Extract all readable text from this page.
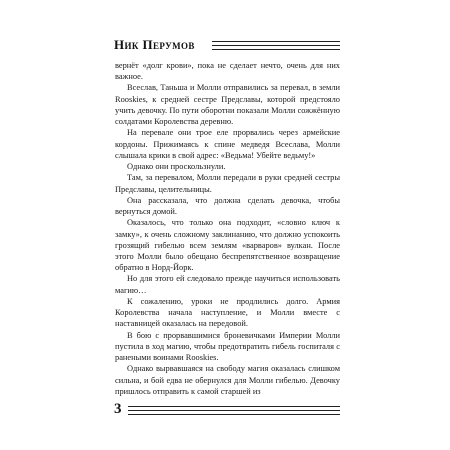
Ник Перумов

вернёт «долг крови», пока не сделает нечто, очень для них важное.

Всеслав, Таньша и Молли отправились за перевал, в земли Rooskies, к средней сестре Предславы, которой предстояло учить девочку. По пути оборотни показали Молли сожжённую солдатами Королевства деревню.

На перевале они трое еле прорвались через армейские кордоны. Прижимаясь к спине медведя Всеслава, Молли слышала крики в свой адрес: «Ведьма! Убейте ведьму!»

Однако они проскользнули.

Там, за перевалом, Молли передали в руки средней сестры Предславы, целительницы.

Она рассказала, что должна сделать девочка, чтобы вернуться домой.

Оказалось, что только она подходит, «словно ключ к замку», к очень сложному заклинанию, что должно успокоить грозящий гибелью всем землям «варваров» вулкан. После этого Молли было обещано беспрепятственное возвращение обратно в Норд-Йорк.

Но для этого ей следовало прежде научиться использовать магию…

К сожалению, уроки не продлились долго. Армия Королевства начала наступление, и Молли вместе с наставницей оказалась на передовой.

В бою с прорвавшимися броневичками Империи Молли пустила в ход магию, чтобы предотвратить гибель госпиталя с ранеными воинами Rooskies.

Однако вырвавшаяся на свободу магия оказалась слишком сильна, и бой едва не обернулся для Молли гибелью. Девочку пришлось отправить к самой старшей из

3
